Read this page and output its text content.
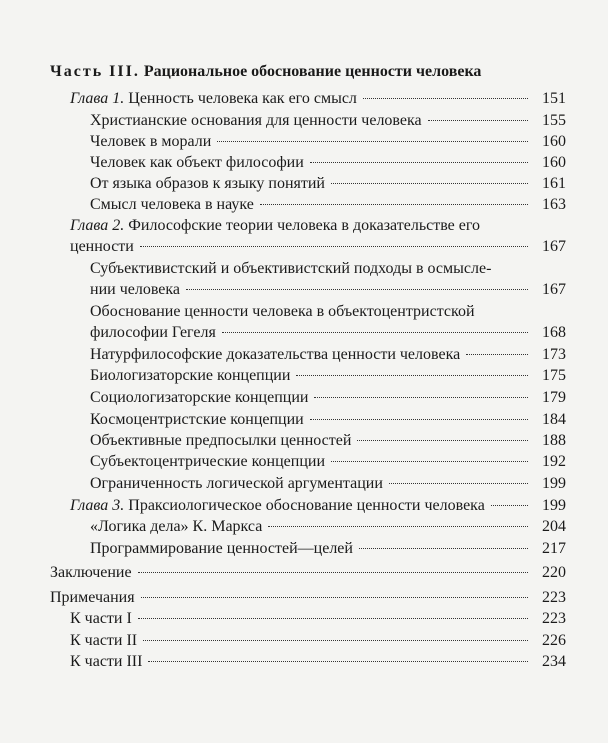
Часть III. Рациональное обоснование ценности человека
Глава 1. Ценность человека как его смысл	151
Христианские основания для ценности человека	155
Человек в морали	160
Человек как объект философии	160
От языка образов к языку понятий	161
Смысл человека в науке	163
Глава 2. Философские теории человека в доказательстве его
ценности	167
Субъективистский и объективистский подходы в осмысле-
нии человека	167
Обоснование ценности человека в объектоцентристской
философии Гегеля	168
Натурфилософские доказательства ценности человека	173
Биологизаторские концепции	175
Социологизаторские концепции	179
Космоцентристские концепции	184
Объективные предпосылки ценностей	188
Субъектоцентрические концепции	192
Ограниченность логической аргументации	199
Глава 3. Праксиологическое обоснование ценности человека	199
«Логика дела» К. Маркса	204
Программирование ценностей—целей	217
Заключение	220
Примечания	223
К части I	223
К части II	226
К части III	234
